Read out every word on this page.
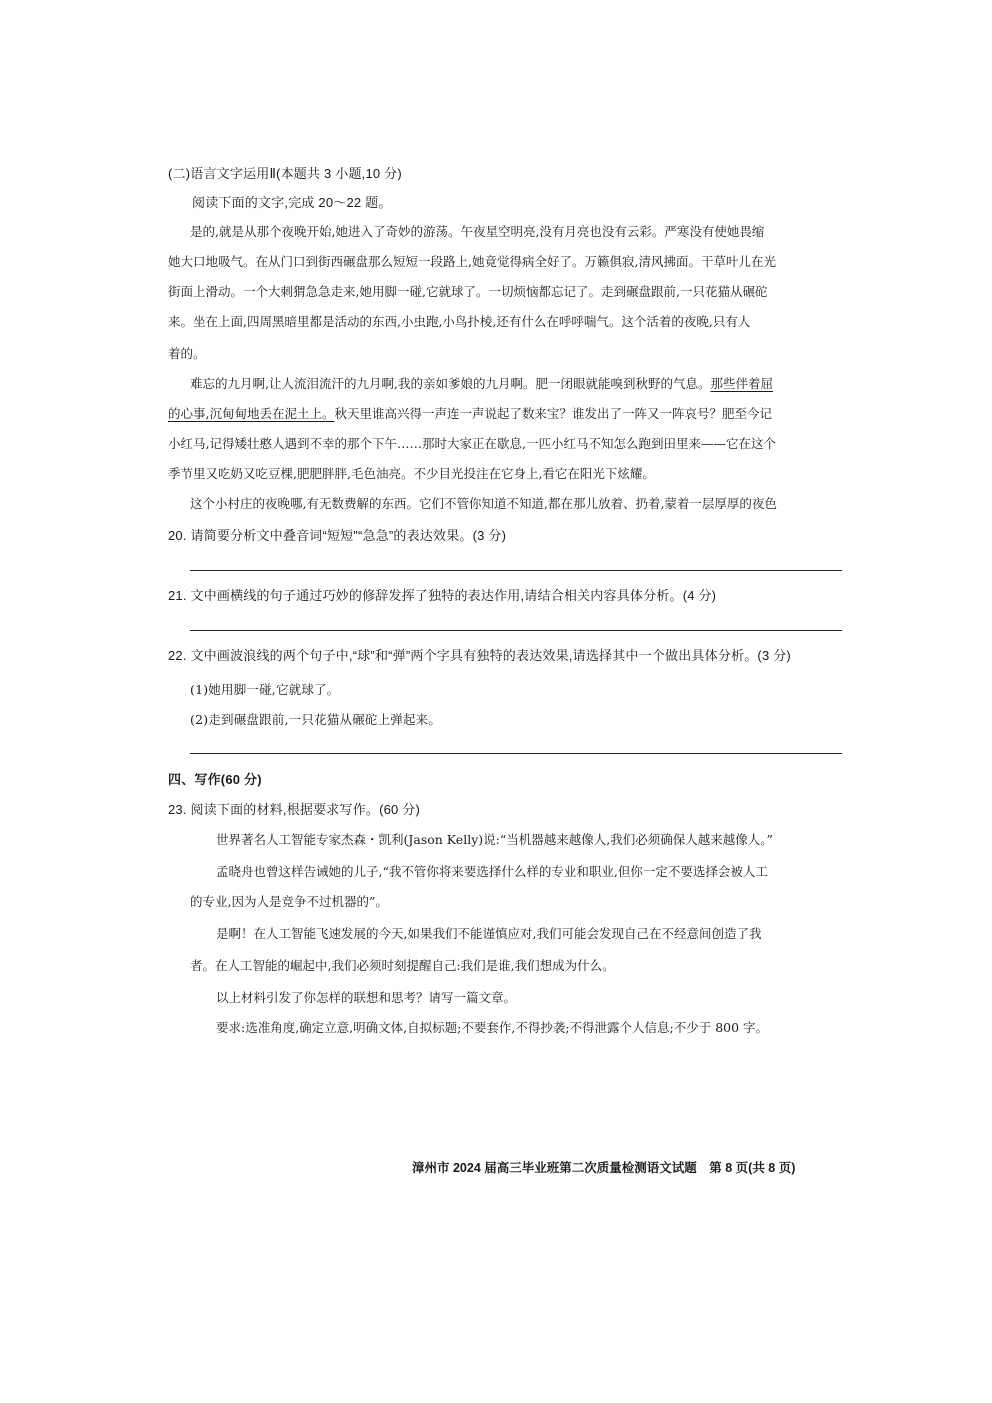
(二)语言文字运用Ⅱ(本题共 3 小题,10 分)
阅读下面的文字,完成 20～22 题。
是的,就是从那个夜晚开始,她进入了奇妙的游荡。午夜星空明亮,没有月亮也没有云彩。严寒没有使她畏缩
她大口地吸气。在从门口到街西碾盘那么短短一段路上,她竟觉得病全好了。万籁俱寂,清风拂面。干草叶儿在光
街面上滑动。一个大刺猬急急走来,她用脚一碰,它就球了。一切烦恼都忘记了。走到碾盘跟前,一只花猫从碾砣
来。坐在上面,四周黑暗里都是活动的东西,小虫跑,小鸟扑棱,还有什么在呼呼喘气。这个活着的夜晚,只有人
着的。
难忘的九月啊,让人流泪流汗的九月啊,我的亲如爹娘的九月啊。肥一闭眼就能嗅到秋野的气息。那些伴着屈
的心事,沉甸甸地丢在泥土上。秋天里谁高兴得一声连一声说起了数来宝？谁发出了一阵又一阵哀号？肥至今记
小红马,记得矮壮憨人遇到不幸的那个下午……那时大家正在歇息,一匹小红马不知怎么跑到田里来——它在这个
季节里又吃奶又吃豆棵,肥肥胖胖,毛色油亮。不少目光投注在它身上,看它在阳光下炫耀。
这个小村庄的夜晚哪,有无数费解的东西。它们不管你知道不知道,都在那儿放着、扔着,蒙着一层厚厚的夜色
20. 请简要分析文中叠音词“短短”“急急”的表达效果。(3 分)
21. 文中画横线的句子通过巧妙的修辞发挥了独特的表达作用,请结合相关内容具体分析。(4 分)
22. 文中画波浪线的两个句子中,“球”和“弹”两个字具有独特的表达效果,请选择其中一个做出具体分析。(3 分)
(1)她用脚一碰,它就球了。
(2)走到碾盘跟前,一只花猫从碾砣上弹起来。
四、写作(60 分)
23. 阅读下面的材料,根据要求写作。(60 分)
世界著名人工智能专家杰森・凯利(Jason Kelly)说:“当机器越来越像人,我们必须确保人越来越像人。”
孟晓舟也曾这样告诫她的儿子,“我不管你将来要选择什么样的专业和职业,但你一定不要选择会被人工
的专业,因为人是竞争不过机器的”。
是啊！在人工智能飞速发展的今天,如果我们不能谨慎应对,我们可能会发现自己在不经意间创造了我
者。在人工智能的崛起中,我们必须时刻提醒自己:我们是谁,我们想成为什么。
以上材料引发了你怎样的联想和思考？请写一篇文章。
要求:选准角度,确定立意,明确文体,自拟标题;不要套作,不得抄袭;不得泄露个人信息;不少于 800 字。
漳州市 2024 届高三毕业班第二次质量检测语文试题　第 8 页(共 8 页)
